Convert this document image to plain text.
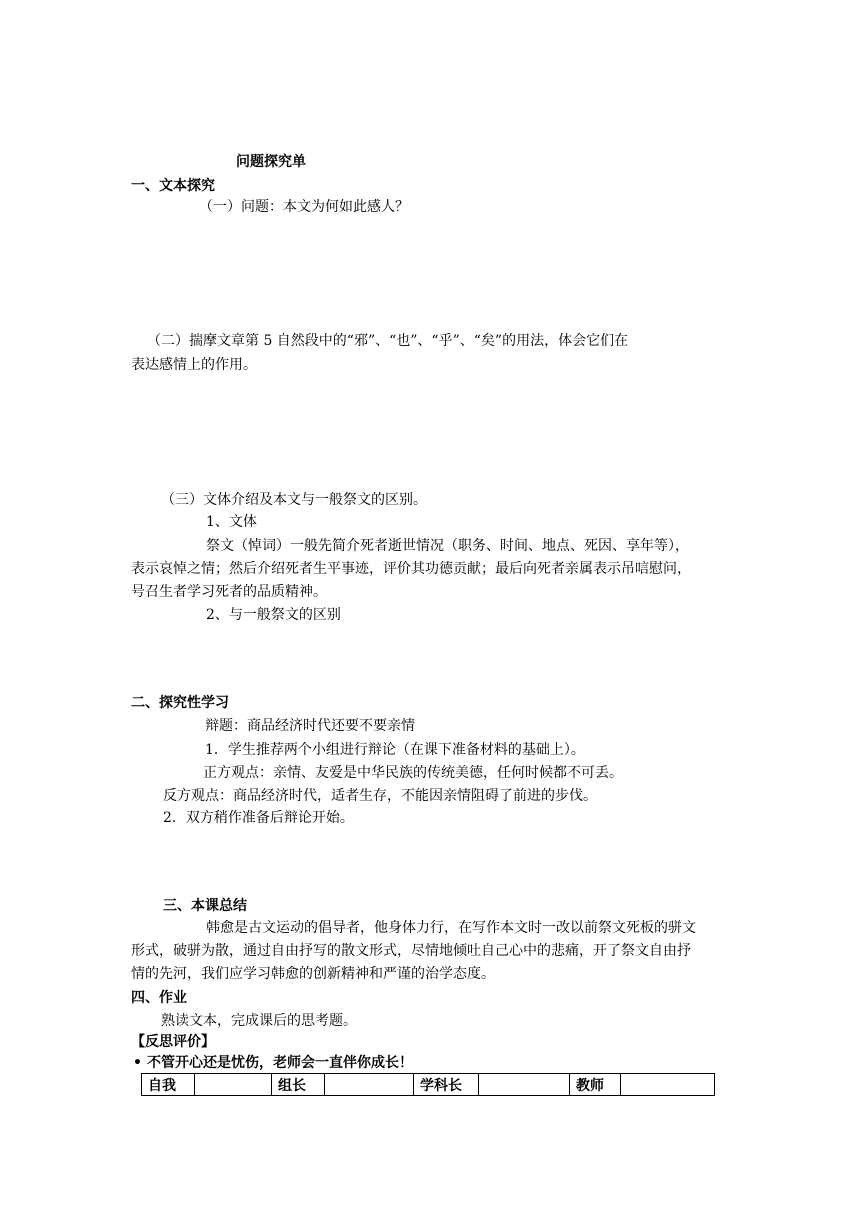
问题探究单
一、文本探究
（一）问题：本文为何如此感人？
（二）揣摩文章第 5 自然段中的“邪”、“也”、“乎”、“矣”的用法，体会它们在
表达感情上的作用。
（三）文体介绍及本文与一般祭文的区别。
1、文体
祭文（悼词）一般先简介死者逝世情况（职务、时间、地点、死因、享年等），
表示哀悼之情；然后介绍死者生平事迹，评价其功德贡献；最后向死者亲属表示吊唁慰问，
号召生者学习死者的品质精神。
2、与一般祭文的区别
二、探究性学习
辩题：商品经济时代还要不要亲情
1．学生推荐两个小组进行辩论（在课下准备材料的基础上）。
正方观点：亲情、友爱是中华民族的传统美德，任何时候都不可丢。
反方观点：商品经济时代，适者生存，不能因亲情阻碍了前进的步伐。
2．双方稍作准备后辩论开始。
三、本课总结
韩愈是古文运动的倡导者，他身体力行，在写作本文时一改以前祭文死板的骈文
形式，破骈为散，通过自由抒写的散文形式，尽情地倾吐自己心中的悲痛，开了祭文自由抒
情的先河，我们应学习韩愈的创新精神和严谨的治学态度。
四、作业
熟读文本，完成课后的思考题。
【反思评价】
• 不管开心还是忧伤，老师会一直伴你成长！
自我		组长		学科长		教师	
